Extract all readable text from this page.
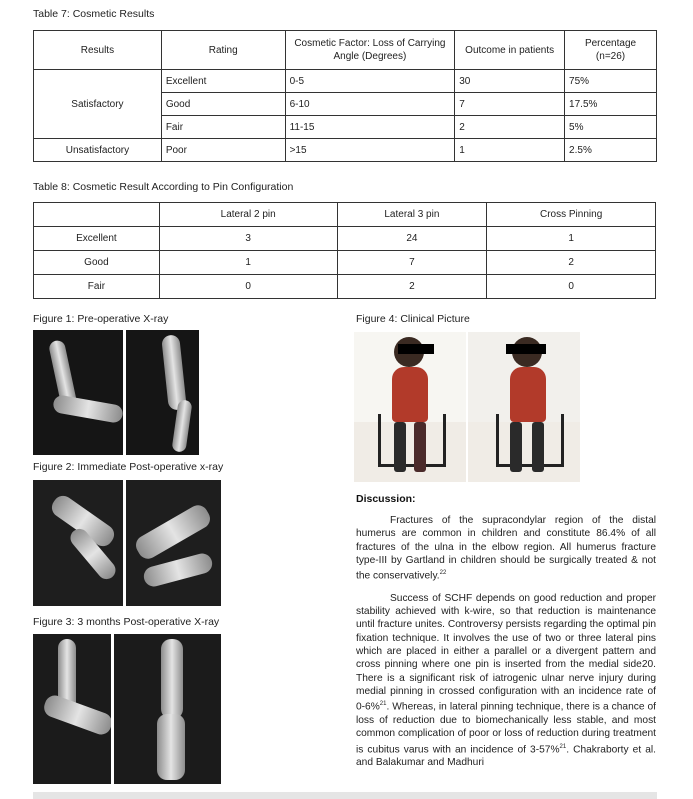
Table 7: Cosmetic Results
Results	Rating	Cosmetic Factor: Loss of Carrying Angle (Degrees)	Outcome in patients	Percentage (n=26)
Satisfactory	Excellent	0-5	30	75%
	Good	6-10	7	17.5%
	Fair	11-15	2	5%
Unsatisfactory	Poor	>15	1	2.5%
Table 8: Cosmetic Result According to Pin Configuration
	Lateral 2 pin	Lateral 3 pin	Cross Pinning
Excellent	3	24	1
Good	1	7	2
Fair	0	2	0
Figure 1: Pre-operative X-ray
Figure 2: Immediate Post-operative x-ray
Figure 3: 3 months Post-operative X-ray
Figure 4: Clinical Picture
Discussion:

Fractures of the supracondylar region of the distal humerus are common in children and constitute 86.4% of all fractures of the ulna in the elbow region. All humerus fracture type-III by Gartland in children should be surgically treated & not the conservatively.$^{22}$

Success of SCHF depends on good reduction and proper stability achieved with k-wire, so that reduction is maintenance until fracture unites. Controversy persists regarding the optimal pin fixation technique. It involves the use of two or three lateral pins which are placed in either a parallel or a divergent pattern and cross pinning where one pin is inserted from the medial side20. There is a significant risk of iatrogenic ulnar nerve injury during medial pinning in crossed configuration with an incidence rate of 0-6%$^{21}$. Whereas, in lateral pinning technique, there is a chance of loss of reduction due to biomechanically less stable, and most common complication of poor or loss of reduction during treatment is cubitus varus with an incidence of 3-57%$^{21}$. Chakraborty et al. and Balakumar and Madhuri
